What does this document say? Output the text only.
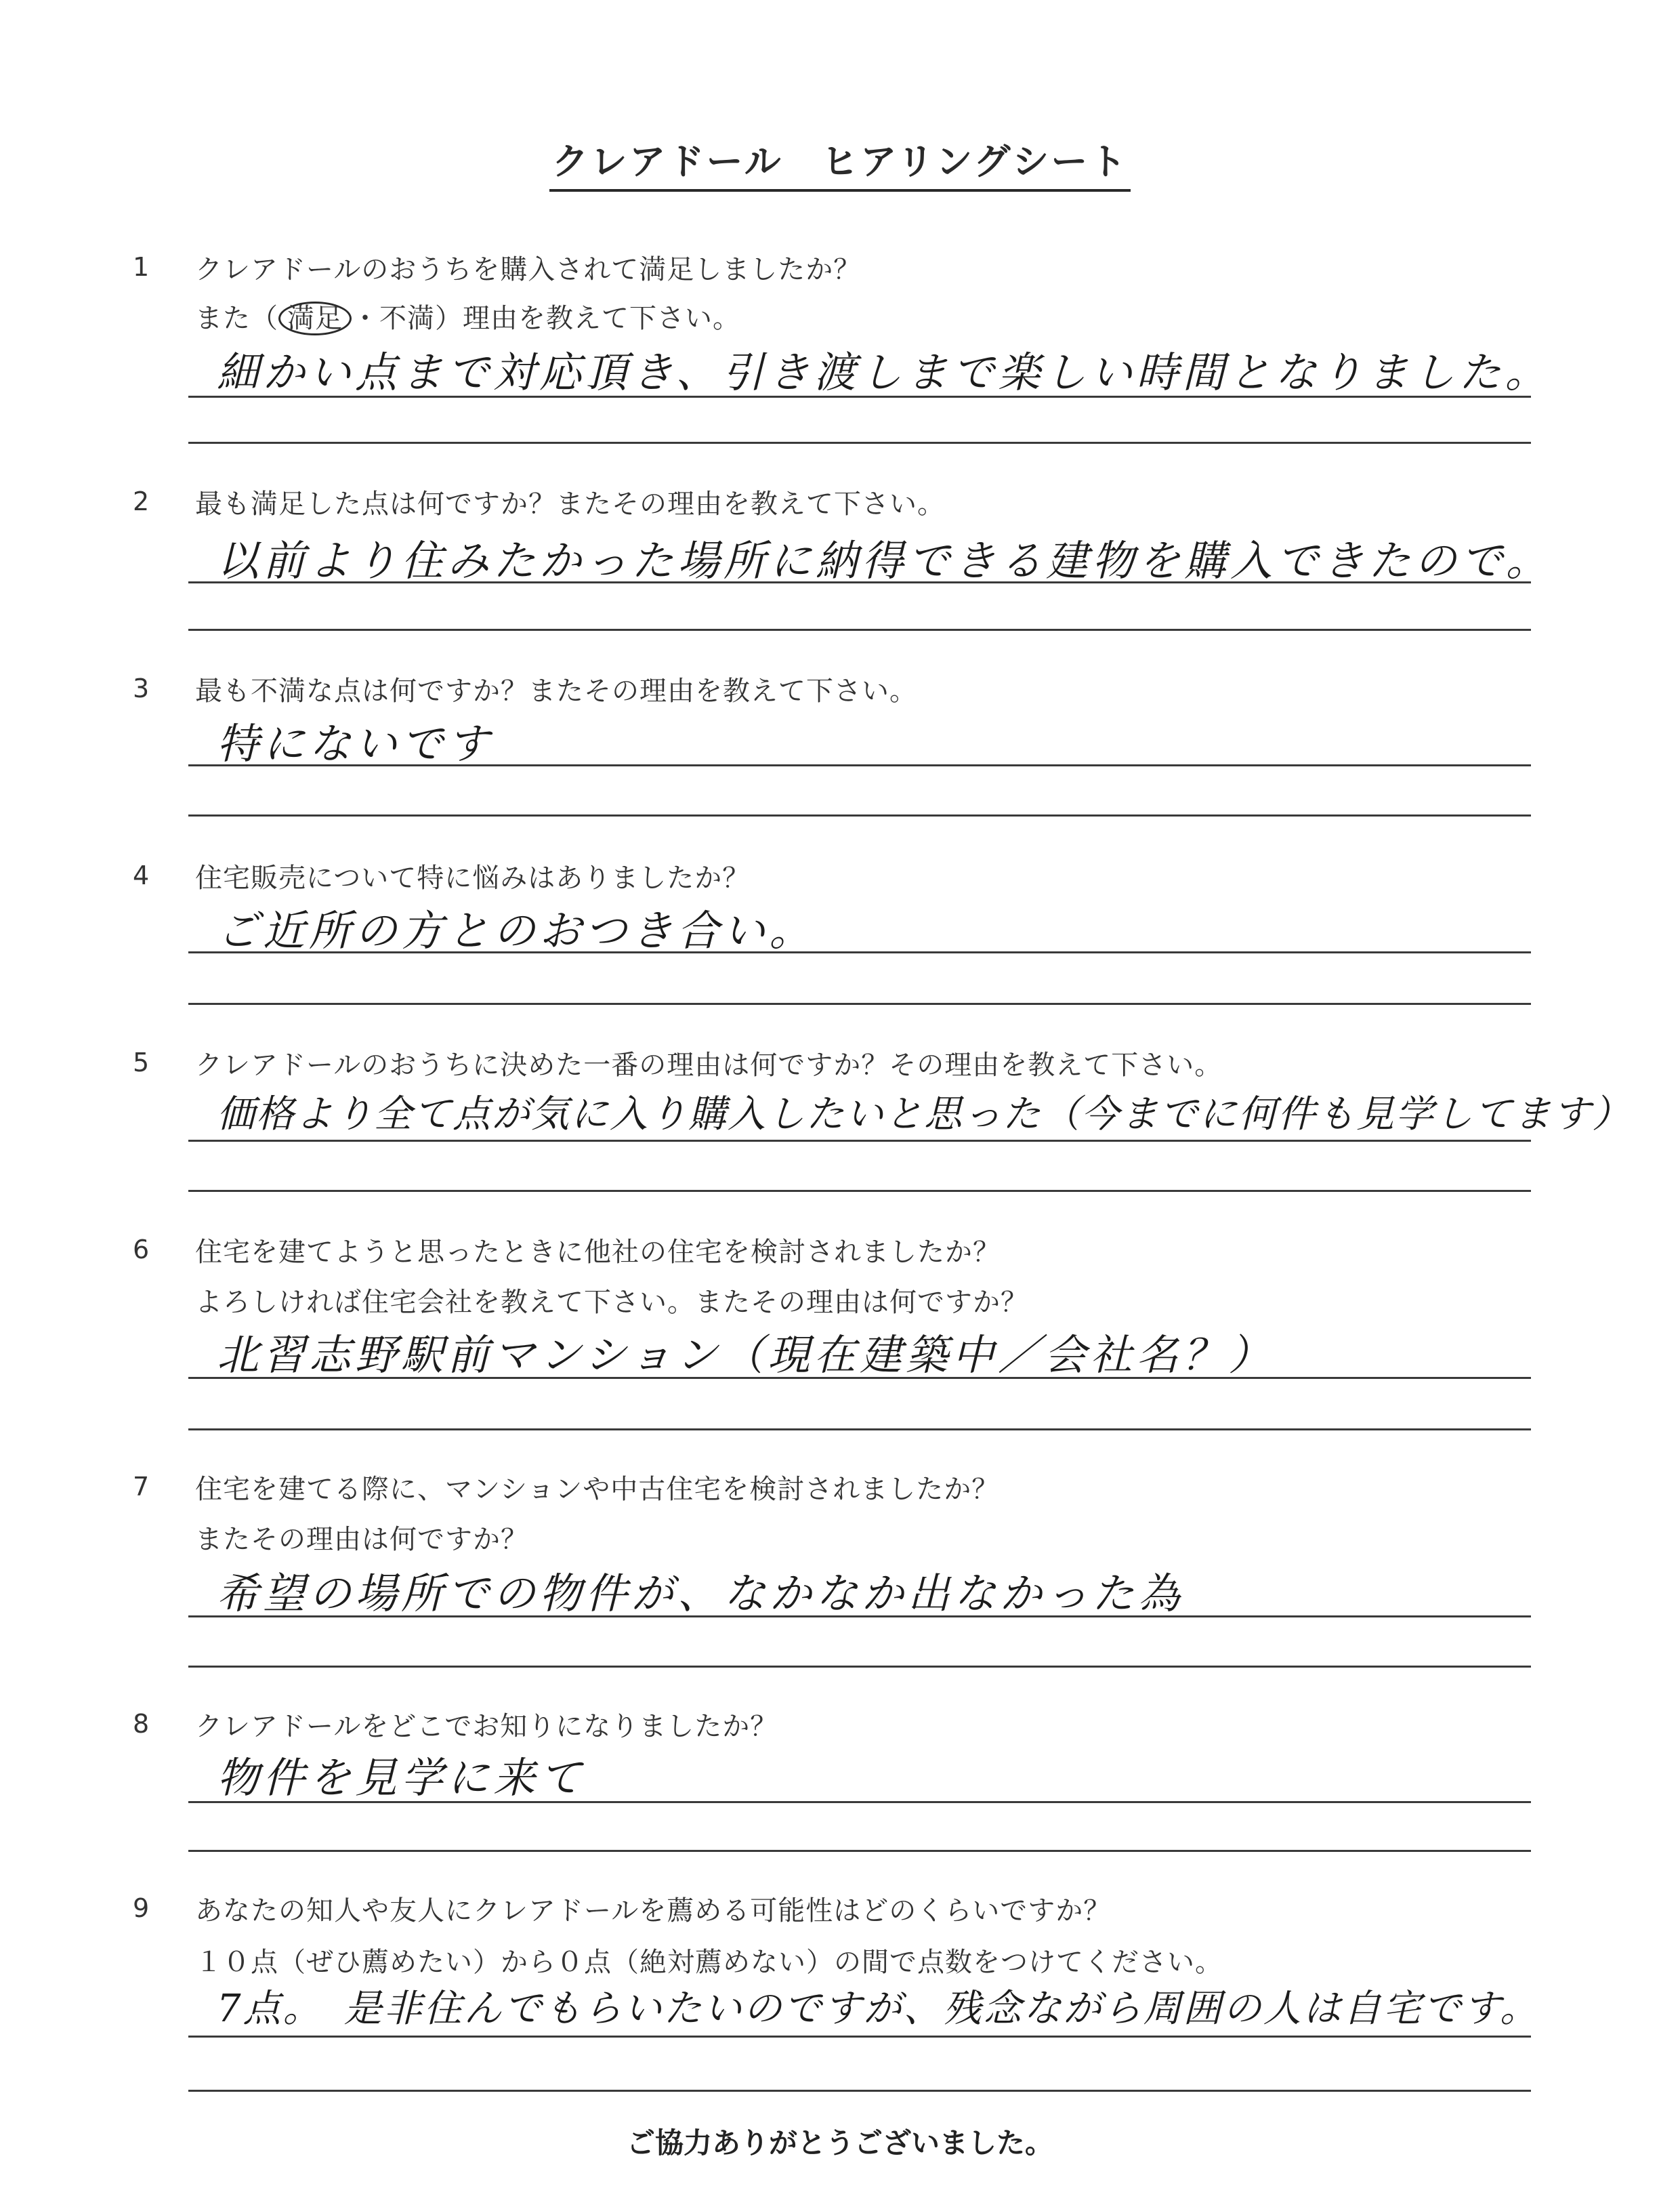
クレアドール　ヒアリングシート
1	クレアドールのおうちを購入されて満足しましたか？
また（ 満足 ・不満）理由を教えて下さい。
細かい点まで対応頂き、引き渡しまで楽しい時間となりました。
2	最も満足した点は何ですか？またその理由を教えて下さい。
以前より住みたかった場所に納得できる建物を購入できたので。
3	最も不満な点は何ですか？またその理由を教えて下さい。
特にないです
4	住宅販売について特に悩みはありましたか？
ご近所の方とのおつき合い。
5	クレアドールのおうちに決めた一番の理由は何ですか？その理由を教えて下さい。
価格より全て点が気に入り購入したいと思った（今までに何件も見学してます）
6	住宅を建てようと思ったときに他社の住宅を検討されましたか？
よろしければ住宅会社を教えて下さい。またその理由は何ですか？
北習志野駅前マンション（現在建築中／会社名？）
7	住宅を建てる際に、マンションや中古住宅を検討されましたか？
またその理由は何ですか？
希望の場所での物件が、なかなか出なかった為
8	クレアドールをどこでお知りになりましたか？
物件を見学に来て
9	あなたの知人や友人にクレアドールを薦める可能性はどのくらいですか？
１０点（ぜひ薦めたい）から０点（絶対薦めない）の間で点数をつけてください。
7点。　是非住んでもらいたいのですが、残念ながら周囲の人は自宅です。
ご協力ありがとうございました。
